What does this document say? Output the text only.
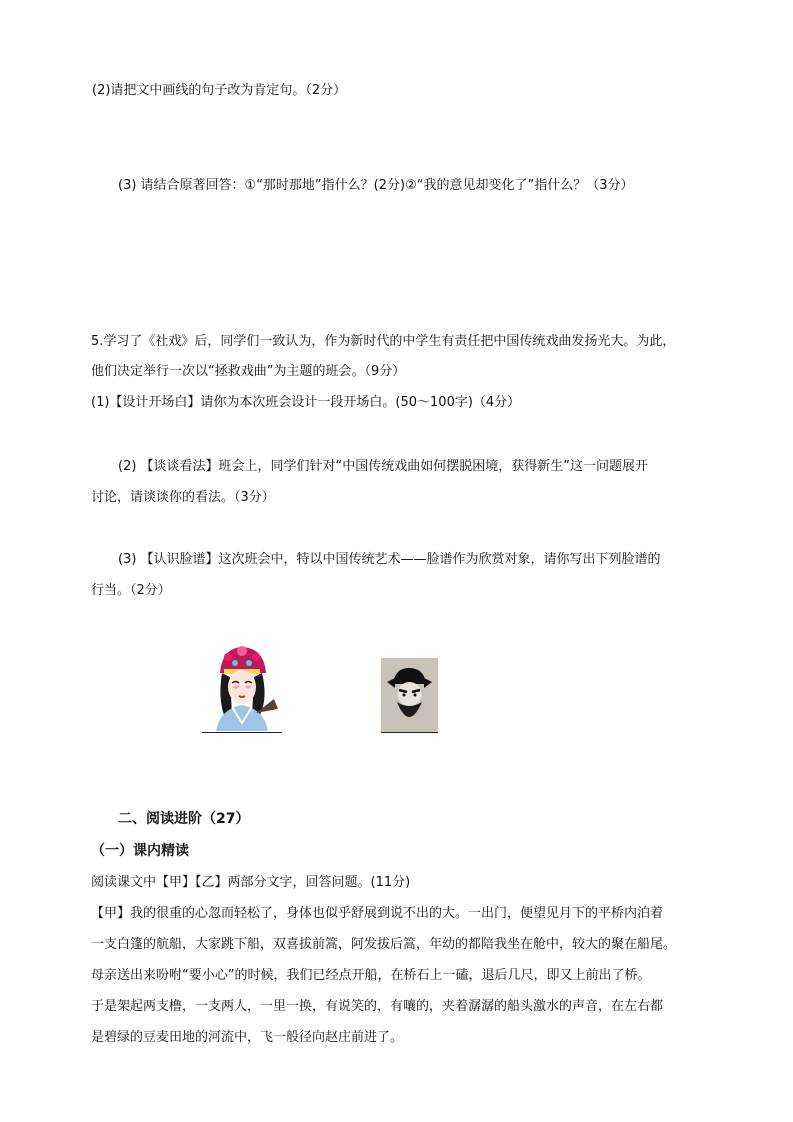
(2)请把文中画线的句子改为肯定句。（2分）
(3) 请结合原著回答：①“那时那地”指什么？(2分)②“我的意见却变化了”指什么？（3分）
5.学习了《社戏》后，同学们一致认为，作为新时代的中学生有责任把中国传统戏曲发扬光大。为此，
他们决定举行一次以“拯救戏曲”为主题的班会。（9分）
(1)【设计开场白】请你为本次班会设计一段开场白。(50～100字)（4分）
(2) 【谈谈看法】班会上，同学们针对“中国传统戏曲如何摆脱困境，获得新生”这一问题展开
讨论，请谈谈你的看法。（3分）
(3) 【认识脸谱】这次班会中，特以中国传统艺术——脸谱作为欣赏对象，请你写出下列脸谱的
行当。（2分）
二、阅读进阶（27）
（一）课内精读
阅读课文中【甲】【乙】两部分文字，回答问题。(11分)
【甲】我的很重的心忽而轻松了，身体也似乎舒展到说不出的大。一出门，便望见月下的平桥内泊着
一支白篷的航船，大家跳下船，双喜拔前篙，阿发拔后篙，年幼的都陪我坐在舱中，较大的聚在船尾。
母亲送出来吩咐“要小心”的时候，我们已经点开船，在桥石上一磕，退后几尺，即又上前出了桥。
于是架起两支橹，一支两人，一里一换，有说笑的，有嚷的，夹着潺潺的船头激水的声音，在左右都
是碧绿的豆麦田地的河流中，飞一般径向赵庄前进了。
